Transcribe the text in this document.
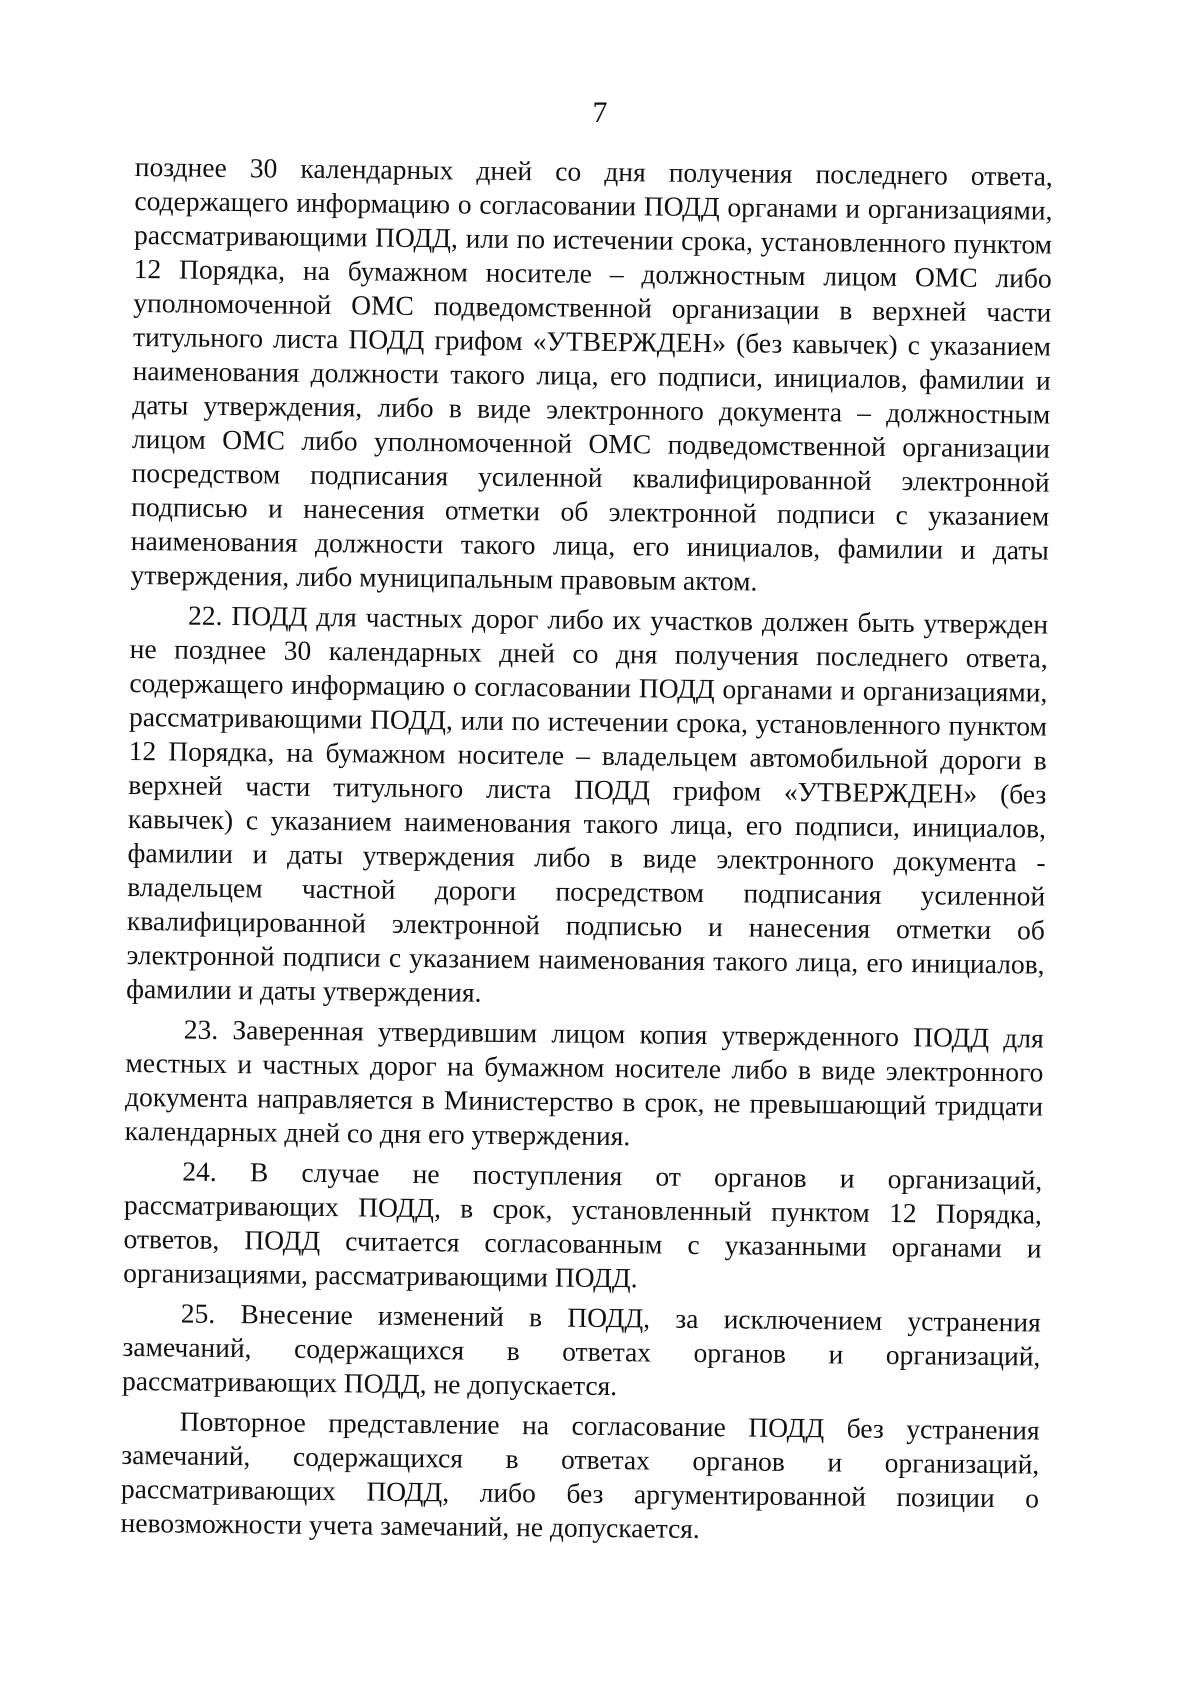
7

позднее 30 календарных дней со дня получения последнего ответа, содержащего информацию о согласовании ПОДД органами и организациями, рассматривающими ПОДД, или по истечении срока, установленного пунктом 12 Порядка, на бумажном носителе – должностным лицом ОМС либо уполномоченной ОМС подведомственной организации в верхней части титульного листа ПОДД грифом «УТВЕРЖДЕН» (без кавычек) с указанием наименования должности такого лица, его подписи, инициалов, фамилии и даты утверждения, либо в виде электронного документа – должностным лицом ОМС либо уполномоченной ОМС подведомственной организации посредством подписания усиленной квалифицированной электронной подписью и нанесения отметки об электронной подписи с указанием наименования должности такого лица, его инициалов, фамилии и даты утверждения, либо муниципальным правовым актом.

22. ПОДД для частных дорог либо их участков должен быть утвержден не позднее 30 календарных дней со дня получения последнего ответа, содержащего информацию о согласовании ПОДД органами и организациями, рассматривающими ПОДД, или по истечении срока, установленного пунктом 12 Порядка, на бумажном носителе – владельцем автомобильной дороги в верхней части титульного листа ПОДД грифом «УТВЕРЖДЕН» (без кавычек) с указанием наименования такого лица, его подписи, инициалов, фамилии и даты утверждения либо в виде электронного документа - владельцем частной дороги посредством подписания усиленной квалифицированной электронной подписью и нанесения отметки об электронной подписи с указанием наименования такого лица, его инициалов, фамилии и даты утверждения.

23. Заверенная утвердившим лицом копия утвержденного ПОДД для местных и частных дорог на бумажном носителе либо в виде электронного документа направляется в Министерство в срок, не превышающий тридцати календарных дней со дня его утверждения.

24. В случае не поступления от органов и организаций, рассматривающих ПОДД, в срок, установленный пунктом 12 Порядка, ответов, ПОДД считается согласованным с указанными органами и организациями, рассматривающими ПОДД.

25. Внесение изменений в ПОДД, за исключением устранения замечаний, содержащихся в ответах органов и организаций, рассматривающих ПОДД, не допускается.

Повторное представление на согласование ПОДД без устранения замечаний, содержащихся в ответах органов и организаций, рассматривающих ПОДД, либо без аргументированной позиции о невозможности учета замечаний, не допускается.
